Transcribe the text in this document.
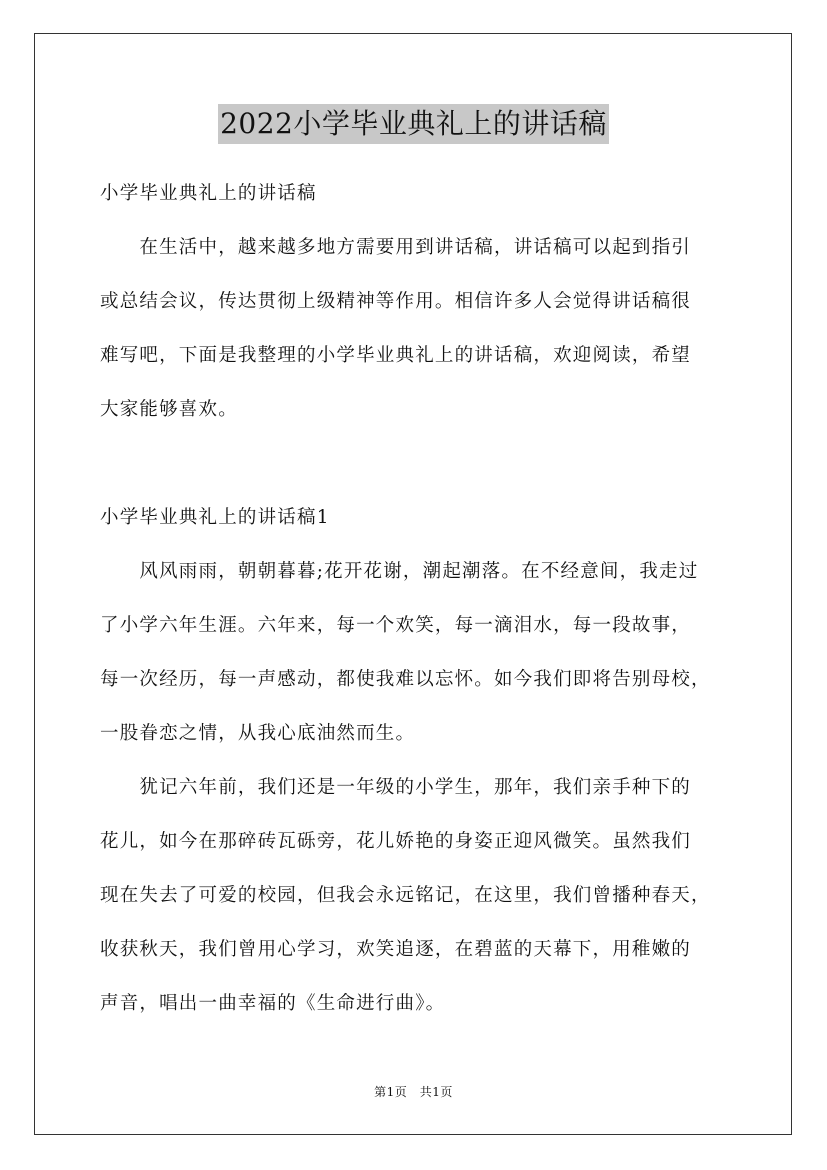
2022小学毕业典礼上的讲话稿
小学毕业典礼上的讲话稿
　　在生活中，越来越多地方需要用到讲话稿，讲话稿可以起到指引
或总结会议，传达贯彻上级精神等作用。相信许多人会觉得讲话稿很
难写吧，下面是我整理的小学毕业典礼上的讲话稿，欢迎阅读，希望
大家能够喜欢。
小学毕业典礼上的讲话稿1
　　风风雨雨，朝朝暮暮;花开花谢，潮起潮落。在不经意间，我走过
了小学六年生涯。六年来，每一个欢笑，每一滴泪水，每一段故事，
每一次经历，每一声感动，都使我难以忘怀。如今我们即将告别母校，
一股眷恋之情，从我心底油然而生。
　　犹记六年前，我们还是一年级的小学生，那年，我们亲手种下的
花儿，如今在那碎砖瓦砾旁，花儿娇艳的身姿正迎风微笑。虽然我们
现在失去了可爱的校园，但我会永远铭记，在这里，我们曾播种春天，
收获秋天，我们曾用心学习，欢笑追逐，在碧蓝的天幕下，用稚嫩的
声音，唱出一曲幸福的《生命进行曲》。
第1页　共1页
